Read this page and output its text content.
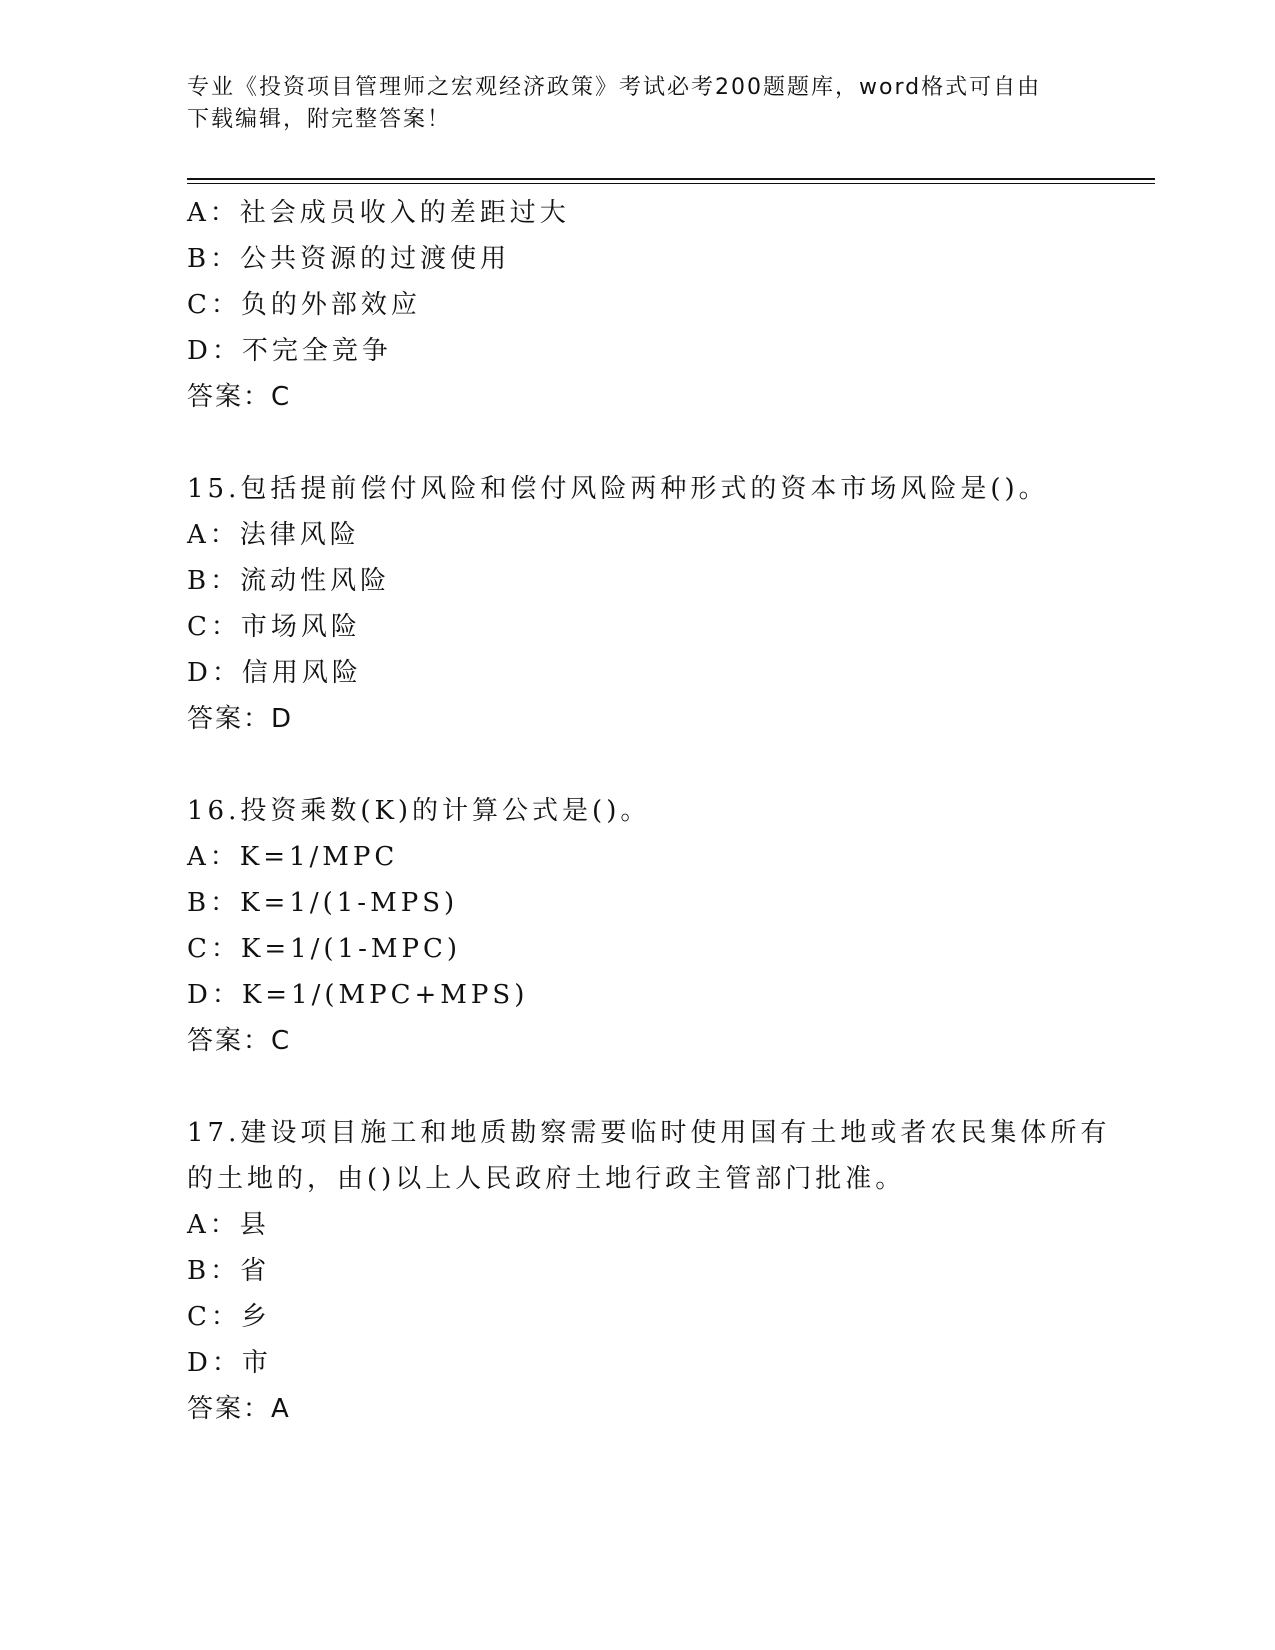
专业《投资项目管理师之宏观经济政策》考试必考200题题库，word格式可自由
下载编辑，附完整答案！
A：社会成员收入的差距过大
B：公共资源的过渡使用
C：负的外部效应
D：不完全竞争
答案：C
15.包括提前偿付风险和偿付风险两种形式的资本市场风险是()。
A：法律风险
B：流动性风险
C：市场风险
D：信用风险
答案：D
16.投资乘数(K)的计算公式是()。
A：K=1/MPC
B：K=1/(1-MPS)
C：K=1/(1-MPC)
D：K=1/(MPC+MPS)
答案：C
17.建设项目施工和地质勘察需要临时使用国有土地或者农民集体所有
的土地的，由()以上人民政府土地行政主管部门批准。
A：县
B：省
C：乡
D：市
答案：A
